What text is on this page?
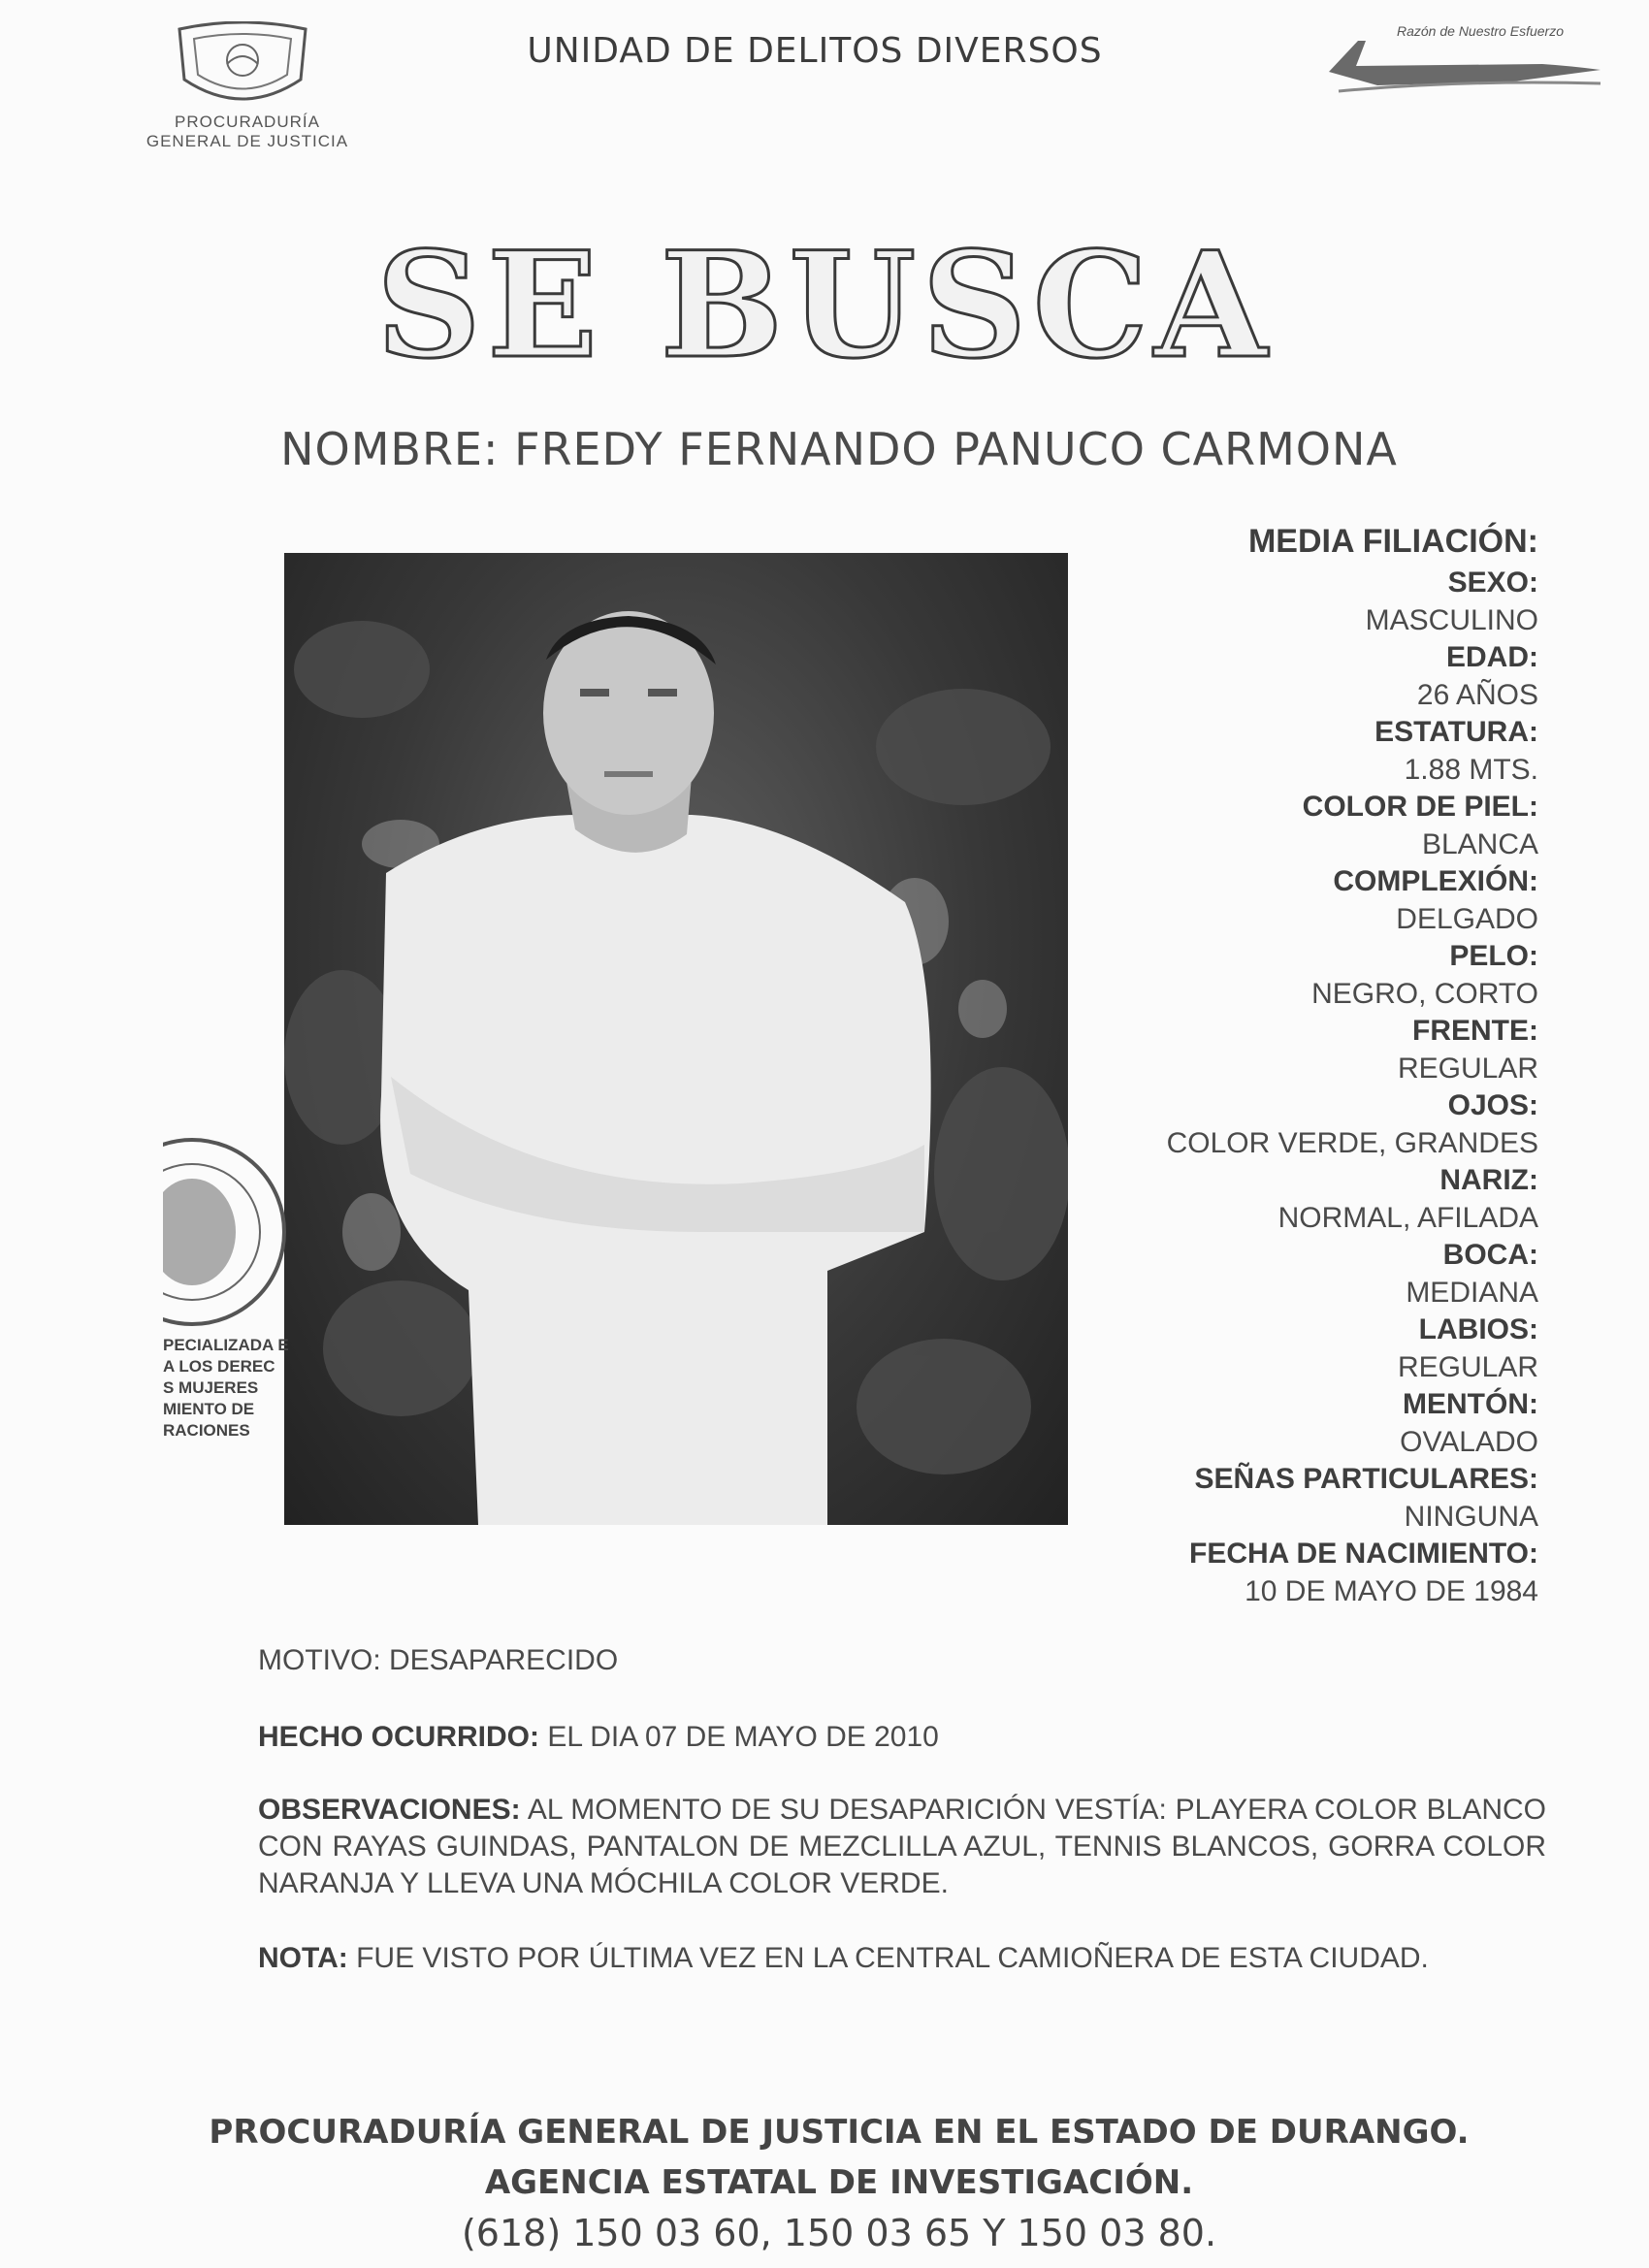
PROCURADURÍA
GENERAL DE JUSTICIA
UNIDAD DE DELITOS DIVERSOS	Razón de Nuestro Esfuerzo
SE BUSCA
NOMBRE: FREDY FERNANDO PANUCO CARMONA
PECIALIZADA E
A LOS DEREC
S MUJERES
MIENTO DE
RACIONES
MEDIA FILIACIÓN:
SEXO:
MASCULINO
EDAD:
26 AÑOS
ESTATURA:
1.88 MTS.
COLOR DE PIEL:
BLANCA
COMPLEXIÓN:
DELGADO
PELO:
NEGRO, CORTO
FRENTE:
REGULAR
OJOS:
COLOR VERDE, GRANDES
NARIZ:
NORMAL, AFILADA
BOCA:
MEDIANA
LABIOS:
REGULAR
MENTÓN:
OVALADO
SEÑAS PARTICULARES:
NINGUNA
FECHA DE NACIMIENTO:
10 DE MAYO DE 1984
MOTIVO: DESAPARECIDO
HECHO OCURRIDO: EL DIA 07 DE MAYO DE 2010
OBSERVACIONES: AL MOMENTO DE SU DESAPARICIÓN VESTÍA: PLAYERA COLOR BLANCO CON RAYAS GUINDAS, PANTALON DE MEZCLILLA AZUL, TENNIS BLANCOS, GORRA COLOR NARANJA Y LLEVA UNA MÓCHILA COLOR VERDE.
NOTA: FUE VISTO POR ÚLTIMA VEZ EN LA CENTRAL CAMIOÑERA DE ESTA CIUDAD.
PROCURADURÍA GENERAL DE JUSTICIA EN EL ESTADO DE DURANGO.
AGENCIA ESTATAL DE INVESTIGACIÓN.
(618) 150 03 60, 150 03 65 Y 150 03 80.
